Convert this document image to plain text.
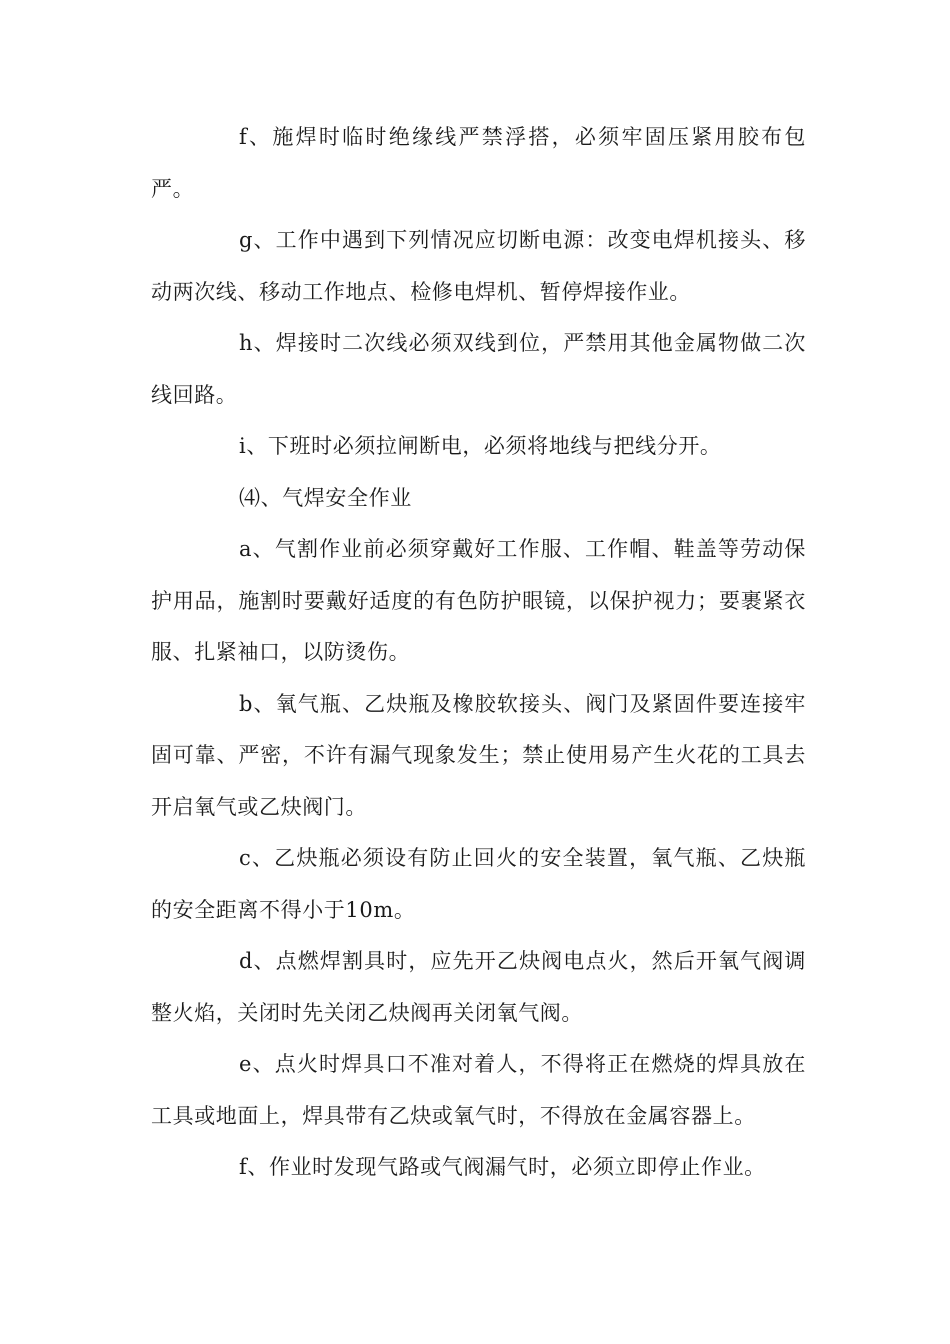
f、施焊时临时绝缘线严禁浮搭，必须牢固压紧用胶布包严。

g、工作中遇到下列情况应切断电源：改变电焊机接头、移动两次线、移动工作地点、检修电焊机、暂停焊接作业。

h、焊接时二次线必须双线到位，严禁用其他金属物做二次线回路。

i、下班时必须拉闸断电，必须将地线与把线分开。

⑷、气焊安全作业

a、气割作业前必须穿戴好工作服、工作帽、鞋盖等劳动保护用品，施割时要戴好适度的有色防护眼镜，以保护视力；要裹紧衣服、扎紧袖口，以防烫伤。

b、氧气瓶、乙炔瓶及橡胶软接头、阀门及紧固件要连接牢固可靠、严密，不许有漏气现象发生；禁止使用易产生火花的工具去开启氧气或乙炔阀门。

c、乙炔瓶必须设有防止回火的安全装置，氧气瓶、乙炔瓶的安全距离不得小于10m。

d、点燃焊割具时，应先开乙炔阀电点火，然后开氧气阀调整火焰，关闭时先关闭乙炔阀再关闭氧气阀。

e、点火时焊具口不准对着人，不得将正在燃烧的焊具放在工具或地面上，焊具带有乙炔或氧气时，不得放在金属容器上。

f、作业时发现气路或气阀漏气时，必须立即停止作业。
